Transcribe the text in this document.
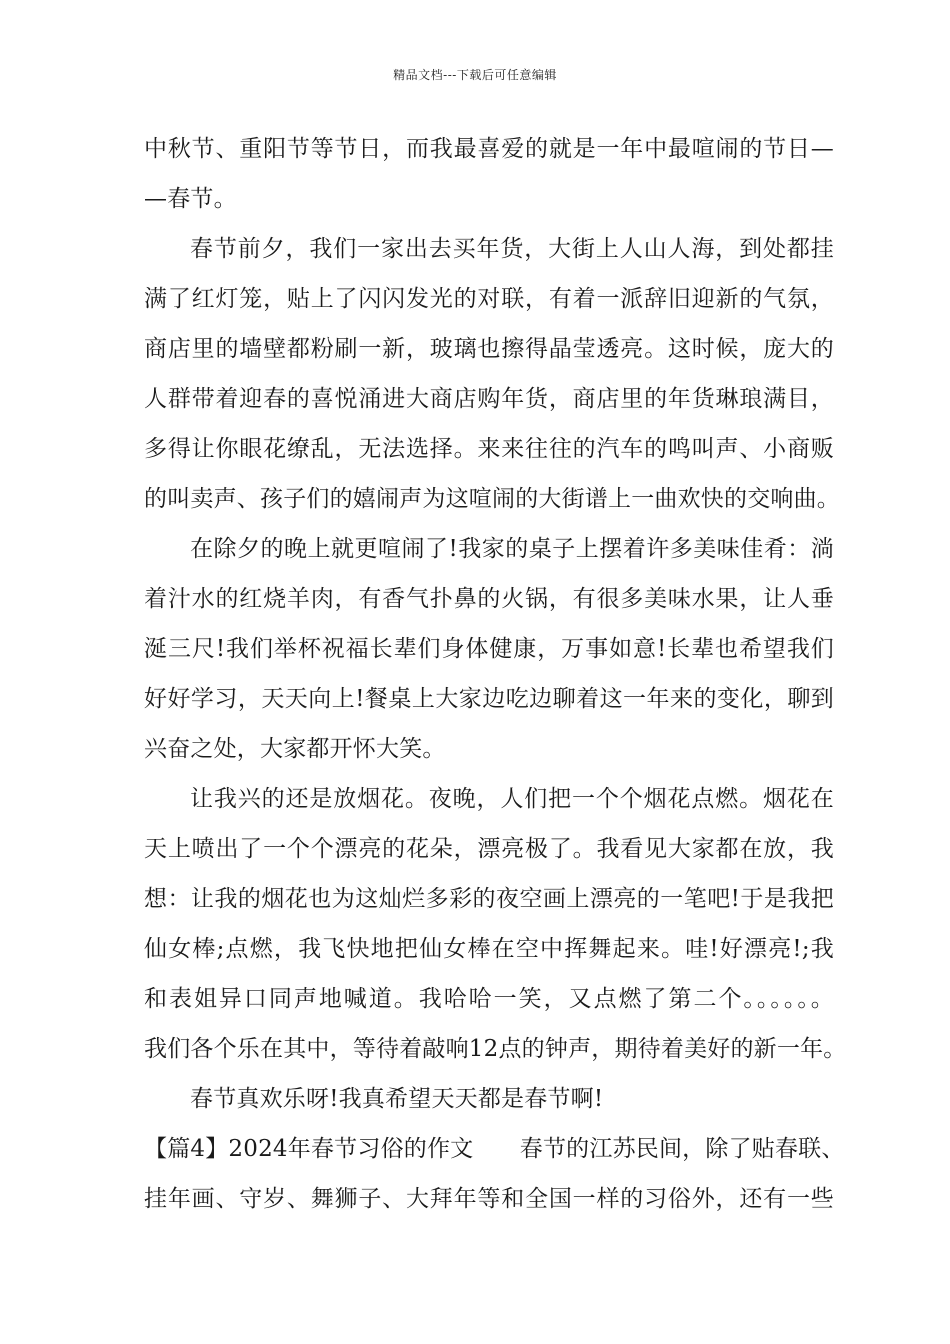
精品文档---下载后可任意编辑
中秋节、重阳节等节日，而我最喜爱的就是一年中最喧闹的节日—
—春节。
春节前夕，我们一家出去买年货，大街上人山人海，到处都挂
满了红灯笼，贴上了闪闪发光的对联，有着一派辞旧迎新的气氛，
商店里的墙壁都粉刷一新，玻璃也擦得晶莹透亮。这时候，庞大的
人群带着迎春的喜悦涌进大商店购年货，商店里的年货琳琅满目，
多得让你眼花缭乱，无法选择。来来往往的汽车的鸣叫声、小商贩
的叫卖声、孩子们的嬉闹声为这喧闹的大街谱上一曲欢快的交响曲。
在除夕的晚上就更喧闹了!我家的桌子上摆着许多美味佳肴：淌
着汁水的红烧羊肉，有香气扑鼻的火锅，有很多美味水果，让人垂
涎三尺!我们举杯祝福长辈们身体健康，万事如意!长辈也希望我们
好好学习，天天向上!餐桌上大家边吃边聊着这一年来的变化，聊到
兴奋之处，大家都开怀大笑。
让我兴的还是放烟花。夜晚，人们把一个个烟花点燃。烟花在
天上喷出了一个个漂亮的花朵，漂亮极了。我看见大家都在放，我
想：让我的烟花也为这灿烂多彩的夜空画上漂亮的一笔吧!于是我把
仙女棒;点燃，我飞快地把仙女棒在空中挥舞起来。哇!好漂亮!;我
和表姐异口同声地喊道。我哈哈一笑，又点燃了第二个。。。。。。
我们各个乐在其中，等待着敲响12点的钟声，期待着美好的新一年。
春节真欢乐呀!我真希望天天都是春节啊!
【篇4】2024年春节习俗的作文　　春节的江苏民间，除了贴春联、
挂年画、守岁、舞狮子、大拜年等和全国一样的习俗外，还有一些
